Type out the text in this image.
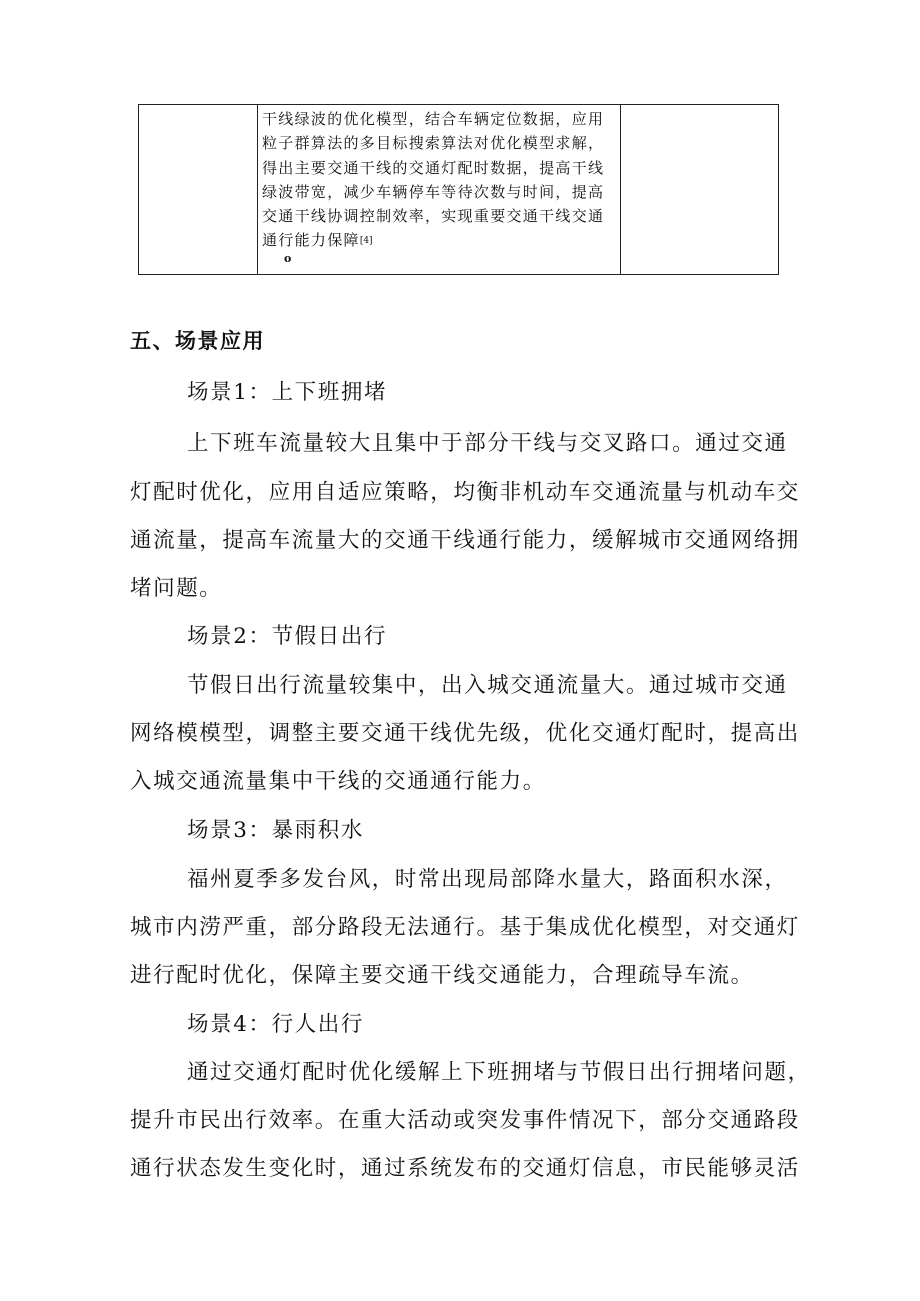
干线绿波的优化模型，结合车辆定位数据，应用
粒子群算法的多目标搜索算法对优化模型求解，
得出主要交通干线的交通灯配时数据，提高干线
绿波带宽，减少车辆停车等待次数与时间，提高
交通干线协调控制效率，实现重要交通干线交通
通行能力保障[4]
o
五、场景应用
场景1：上下班拥堵
上下班车流量较大且集中于部分干线与交叉路口。通过交通
灯配时优化，应用自适应策略，均衡非机动车交通流量与机动车交
通流量，提高车流量大的交通干线通行能力，缓解城市交通网络拥
堵问题。
场景2：节假日出行
节假日出行流量较集中，出入城交通流量大。通过城市交通
网络模模型，调整主要交通干线优先级，优化交通灯配时，提高出
入城交通流量集中干线的交通通行能力。
场景3：暴雨积水
福州夏季多发台风，时常出现局部降水量大，路面积水深，
城市内涝严重，部分路段无法通行。基于集成优化模型，对交通灯
进行配时优化，保障主要交通干线交通能力，合理疏导车流。
场景4：行人出行
通过交通灯配时优化缓解上下班拥堵与节假日出行拥堵问题，
提升市民出行效率。在重大活动或突发事件情况下，部分交通路段
通行状态发生变化时，通过系统发布的交通灯信息，市民能够灵活
